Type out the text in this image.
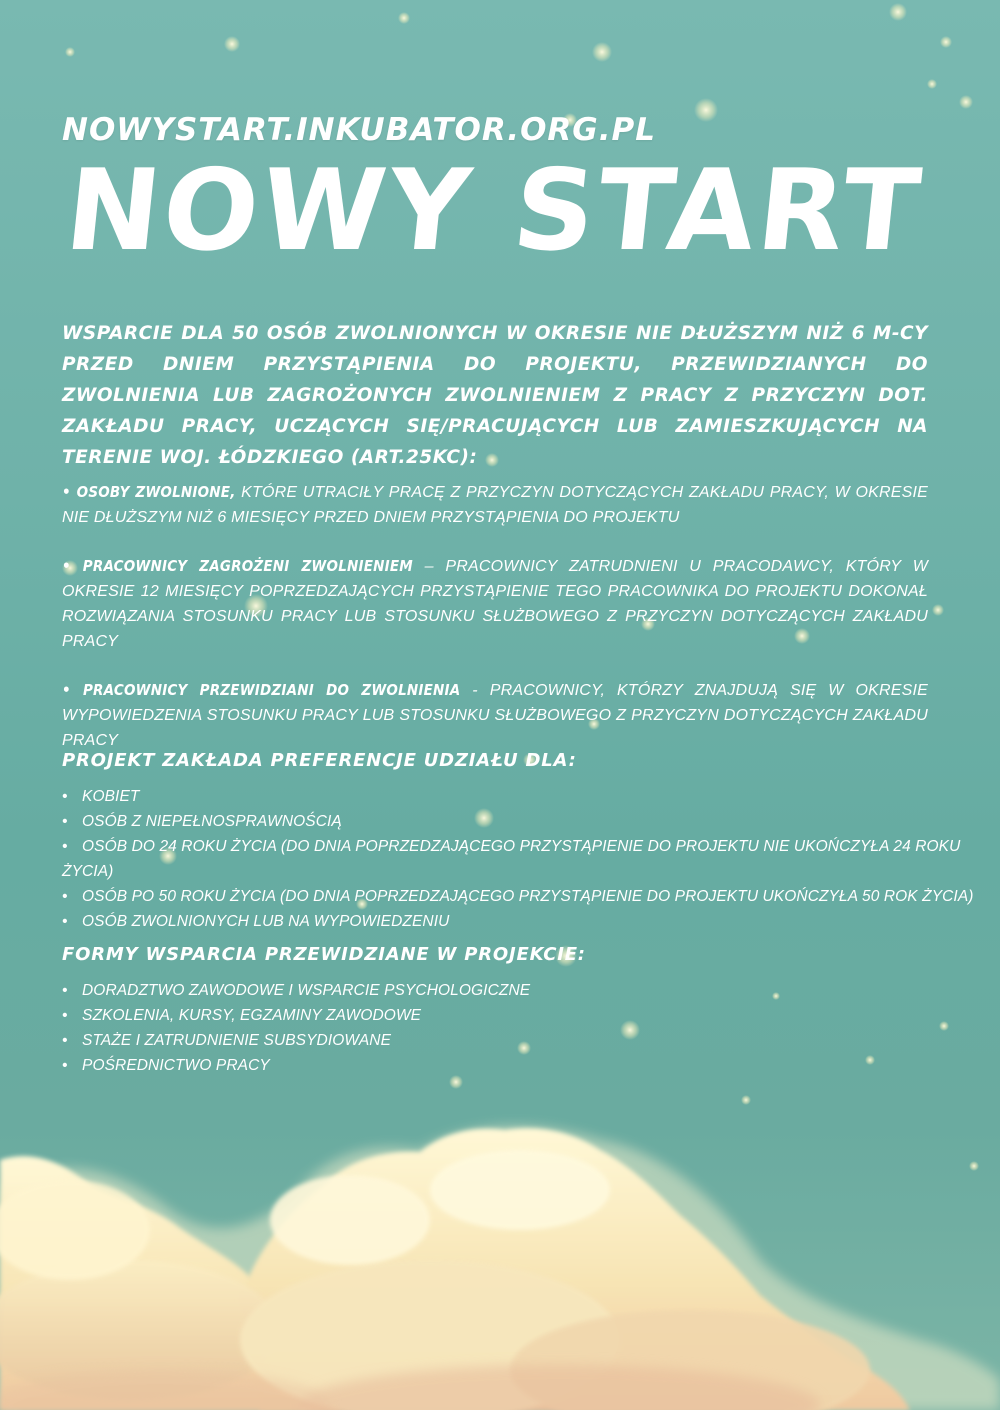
NOWYSTART.INKUBATOR.ORG.PL
NOWY START
WSPARCIE DLA 50 OSÓB ZWOLNIONYCH W OKRESIE NIE DŁUŻSZYM NIŻ 6 M-CY PRZED DNIEM PRZYSTĄPIENIA DO PROJEKTU, PRZEWIDZIANYCH DO ZWOLNIENIA LUB ZAGROŻONYCH ZWOLNIENIEM Z PRACY Z PRZYCZYN DOT. ZAKŁADU PRACY, UCZĄCYCH SIĘ/PRACUJĄCYCH LUB ZAMIESZKUJĄCYCH NA TERENIE WOJ. ŁÓDZKIEGO (ART.25KC):
• OSOBY ZWOLNIONE, KTÓRE UTRACIŁY PRACĘ Z PRZYCZYN DOTYCZĄCYCH ZAKŁADU PRACY, W OKRESIE NIE DŁUŻSZYM NIŻ 6 MIESIĘCY PRZED DNIEM PRZYSTĄPIENIA DO PROJEKTU
• PRACOWNICY ZAGROŻENI ZWOLNIENIEM – PRACOWNICY ZATRUDNIENI U PRACODAWCY, KTÓRY W OKRESIE 12 MIESIĘCY POPRZEDZAJĄCYCH PRZYSTĄPIENIE TEGO PRACOWNIKA DO PROJEKTU DOKONAŁ ROZWIĄZANIA STOSUNKU PRACY LUB STOSUNKU SŁUŻBOWEGO Z PRZYCZYN DOTYCZĄCYCH ZAKŁADU PRACY
• PRACOWNICY PRZEWIDZIANI DO ZWOLNIENIA - PRACOWNICY, KTÓRZY ZNAJDUJĄ SIĘ W OKRESIE WYPOWIEDZENIA STOSUNKU PRACY LUB STOSUNKU SŁUŻBOWEGO Z PRZYCZYN DOTYCZĄCYCH ZAKŁADU PRACY
PROJEKT ZAKŁADA PREFERENCJE UDZIAŁU DLA:
• KOBIET
• OSÓB Z NIEPEŁNOSPRAWNOŚCIĄ
• OSÓB DO 24 ROKU ŻYCIA (DO DNIA POPRZEDZAJĄCEGO PRZYSTĄPIENIE DO PROJEKTU NIE UKOŃCZYŁA 24 ROKU ŻYCIA)
• OSÓB PO 50 ROKU ŻYCIA (DO DNIA POPRZEDZAJĄCEGO PRZYSTĄPIENIE DO PROJEKTU UKOŃCZYŁA 50 ROK ŻYCIA)
• OSÓB ZWOLNIONYCH LUB NA WYPOWIEDZENIU
FORMY WSPARCIA PRZEWIDZIANE W PROJEKCIE:
• DORADZTWO ZAWODOWE I WSPARCIE PSYCHOLOGICZNE
• SZKOLENIA, KURSY, EGZAMINY ZAWODOWE
• STAŻE I ZATRUDNIENIE SUBSYDIOWANE
• POŚREDNICTWO PRACY
